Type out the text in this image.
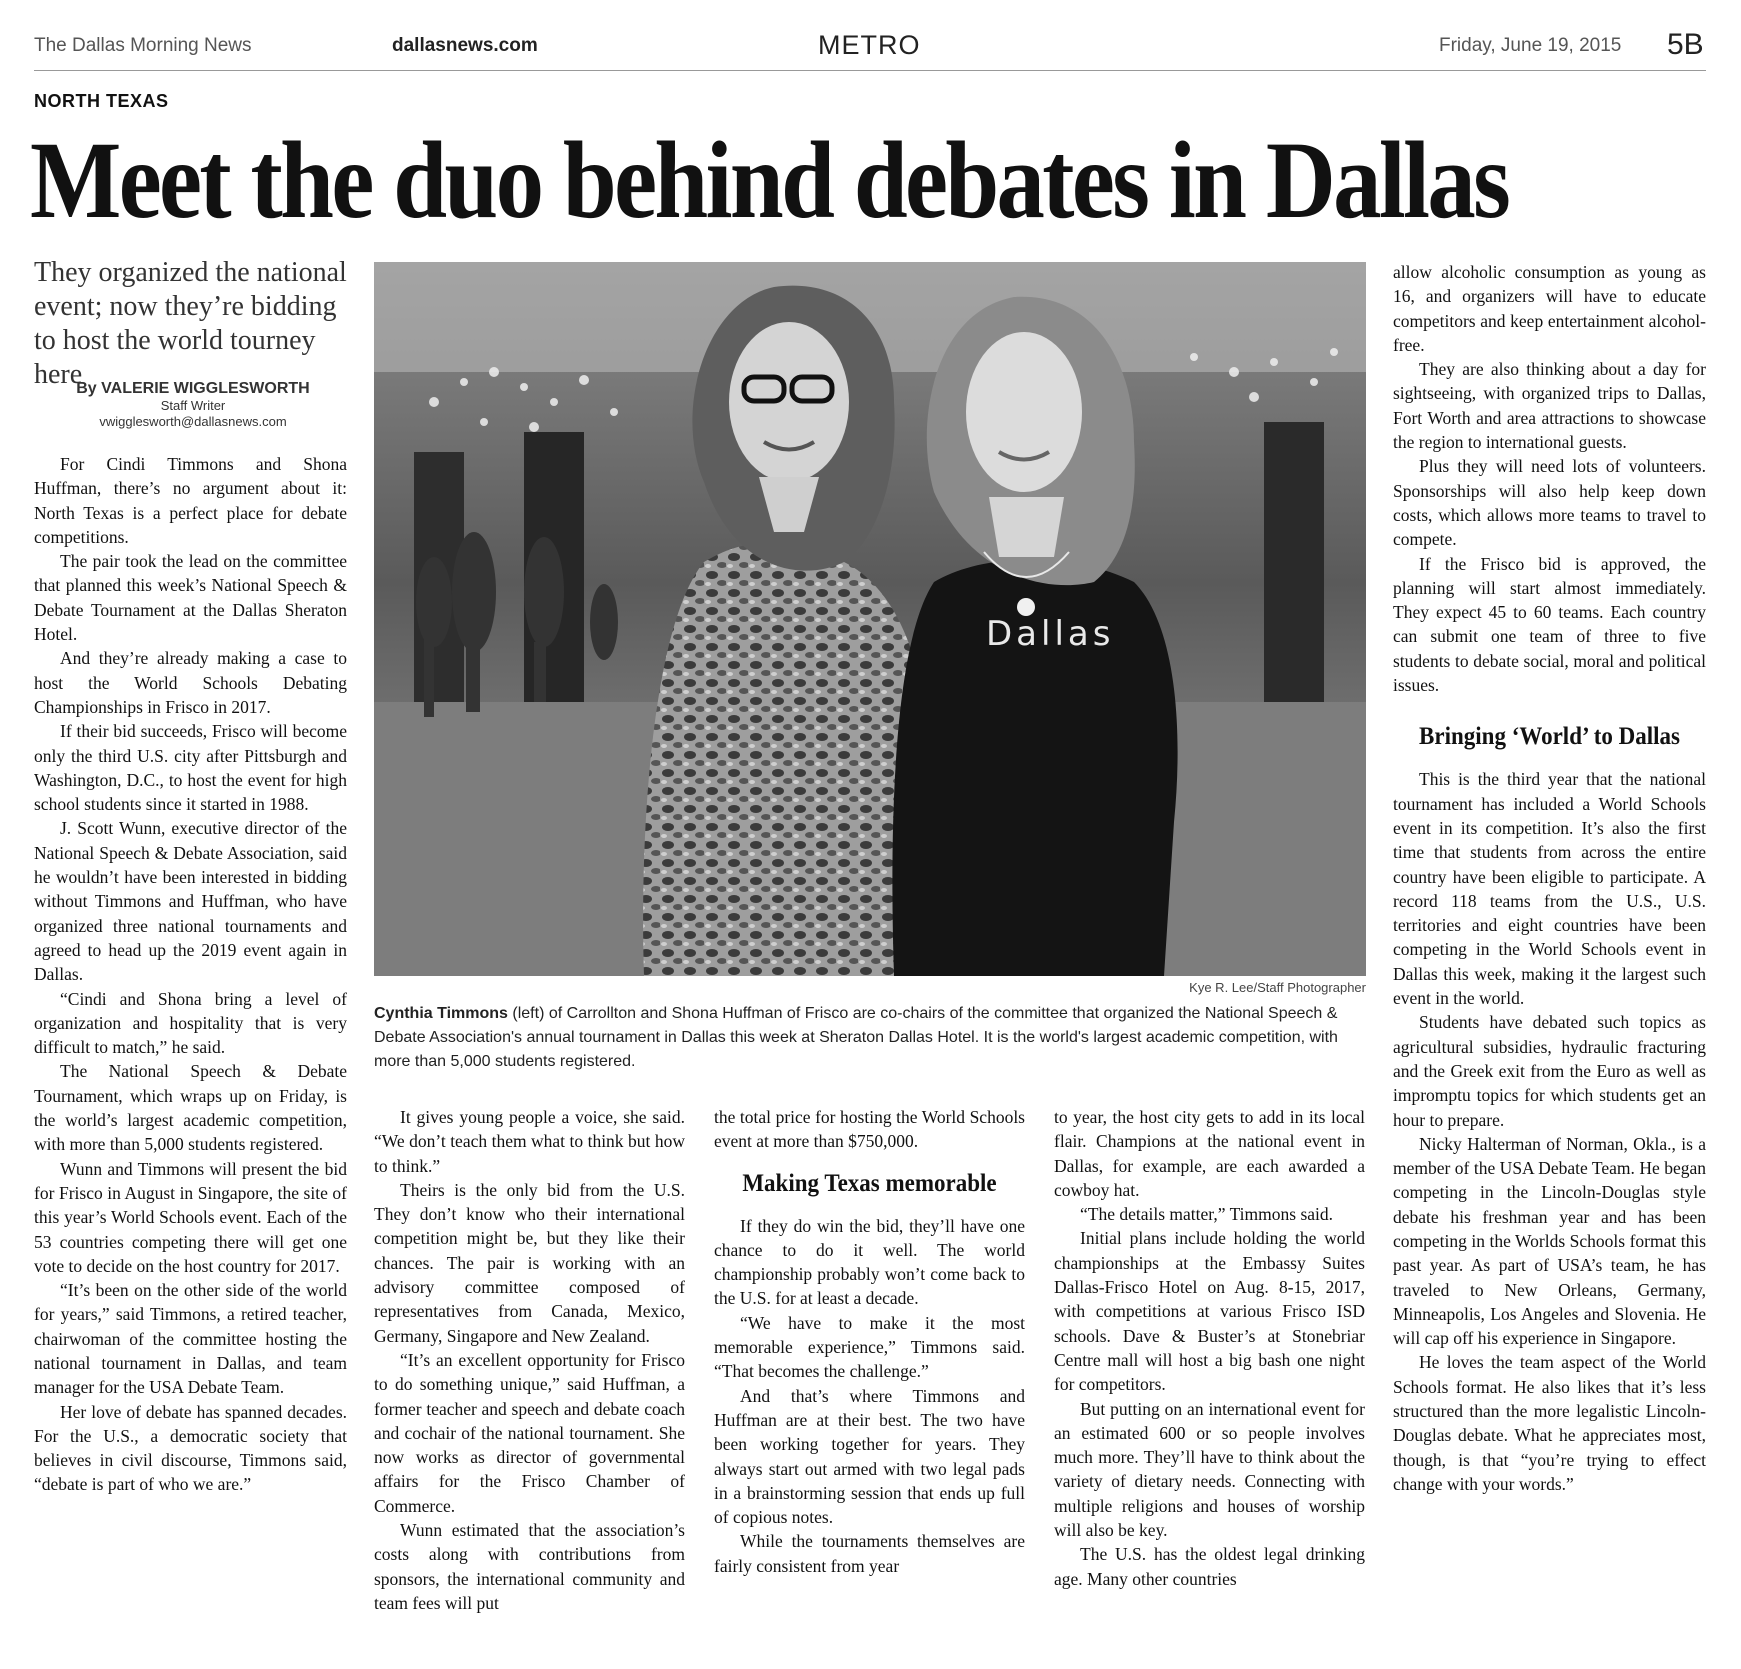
The Dallas Morning News	dallasnews.com	METRO	Friday, June 19, 2015 5B
NORTH TEXAS
Meet the duo behind debates in Dallas
They organized the national event; now they’re bidding to host the world tourney here
By VALERIE WIGGLESWORTH
Staff Writer
vwigglesworth@dallasnews.com

For Cindi Timmons and Shona Huffman, there’s no argument about it: North Texas is a perfect place for debate competitions.

The pair took the lead on the committee that planned this week’s National Speech & Debate Tournament at the Dallas Sheraton Hotel.

And they’re already making a case to host the World Schools Debating Championships in Frisco in 2017.

If their bid succeeds, Frisco will become only the third U.S. city after Pittsburgh and Washington, D.C., to host the event for high school students since it started in 1988.

J. Scott Wunn, executive director of the National Speech & Debate Association, said he wouldn’t have been interested in bidding without Timmons and Huffman, who have organized three national tournaments and agreed to head up the 2019 event again in Dallas.

“Cindi and Shona bring a level of organization and hospitality that is very difficult to match,” he said.

The National Speech & Debate Tournament, which wraps up on Friday, is the world’s largest academic competition, with more than 5,000 students registered.

Wunn and Timmons will present the bid for Frisco in August in Singapore, the site of this year’s World Schools event. Each of the 53 countries competing there will get one vote to decide on the host country for 2017.

“It’s been on the other side of the world for years,” said Timmons, a retired teacher, chairwoman of the committee hosting the national tournament in Dallas, and team manager for the USA Debate Team.

Her love of debate has spanned decades. For the U.S., a democratic society that believes in civil discourse, Timmons said, “debate is part of who we are.”

Dallas
Kye R. Lee/Staff Photographer
Cynthia Timmons (left) of Carrollton and Shona Huffman of Frisco are co-chairs of the committee that organized the National Speech & Debate Association's annual tournament in Dallas this week at Sheraton Dallas Hotel. It is the world's largest academic competition, with more than 5,000 students registered.

It gives young people a voice, she said. “We don’t teach them what to think but how to think.”

Theirs is the only bid from the U.S. They don’t know who their international competition might be, but they like their chances. The pair is working with an advisory committee composed of representatives from Canada, Mexico, Germany, Singapore and New Zealand.

“It’s an excellent opportunity for Frisco to do something unique,” said Huffman, a former teacher and speech and debate coach and cochair of the national tournament. She now works as director of governmental affairs for the Frisco Chamber of Commerce.

Wunn estimated that the association’s costs along with contributions from sponsors, the international community and team fees will put

the total price for hosting the World Schools event at more than $750,000.

Making Texas memorable

If they do win the bid, they’ll have one chance to do it well. The world championship probably won’t come back to the U.S. for at least a decade.

“We have to make it the most memorable experience,” Timmons said. “That becomes the challenge.”

And that’s where Timmons and Huffman are at their best. The two have been working together for years. They always start out armed with two legal pads in a brainstorming session that ends up full of copious notes.

While the tournaments themselves are fairly consistent from year

to year, the host city gets to add in its local flair. Champions at the national event in Dallas, for example, are each awarded a cowboy hat.

“The details matter,” Timmons said.

Initial plans include holding the world championships at the Embassy Suites Dallas-Frisco Hotel on Aug. 8-15, 2017, with competitions at various Frisco ISD schools. Dave & Buster’s at Stonebriar Centre mall will host a big bash one night for competitors.

But putting on an international event for an estimated 600 or so people involves much more. They’ll have to think about the variety of dietary needs. Connecting with multiple religions and houses of worship will also be key.

The U.S. has the oldest legal drinking age. Many other countries

allow alcoholic consumption as young as 16, and organizers will have to educate competitors and keep entertainment alcohol-free.

They are also thinking about a day for sightseeing, with organized trips to Dallas, Fort Worth and area attractions to showcase the region to international guests.

Plus they will need lots of volunteers. Sponsorships will also help keep down costs, which allows more teams to travel to compete.

If the Frisco bid is approved, the planning will start almost immediately. They expect 45 to 60 teams. Each country can submit one team of three to five students to debate social, moral and political issues.

Bringing ‘World’ to Dallas

This is the third year that the national tournament has included a World Schools event in its competition. It’s also the first time that students from across the entire country have been eligible to participate. A record 118 teams from the U.S., U.S. territories and eight countries have been competing in the World Schools event in Dallas this week, making it the largest such event in the world.

Students have debated such topics as agricultural subsidies, hydraulic fracturing and the Greek exit from the Euro as well as impromptu topics for which students get an hour to prepare.

Nicky Halterman of Norman, Okla., is a member of the USA Debate Team. He began competing in the Lincoln-Douglas style debate his freshman year and has been competing in the Worlds Schools format this past year. As part of USA’s team, he has traveled to New Orleans, Germany, Minneapolis, Los Angeles and Slovenia. He will cap off his experience in Singapore.

He loves the team aspect of the World Schools format. He also likes that it’s less structured than the more legalistic Lincoln-Douglas debate. What he appreciates most, though, is that “you’re trying to effect change with your words.”
